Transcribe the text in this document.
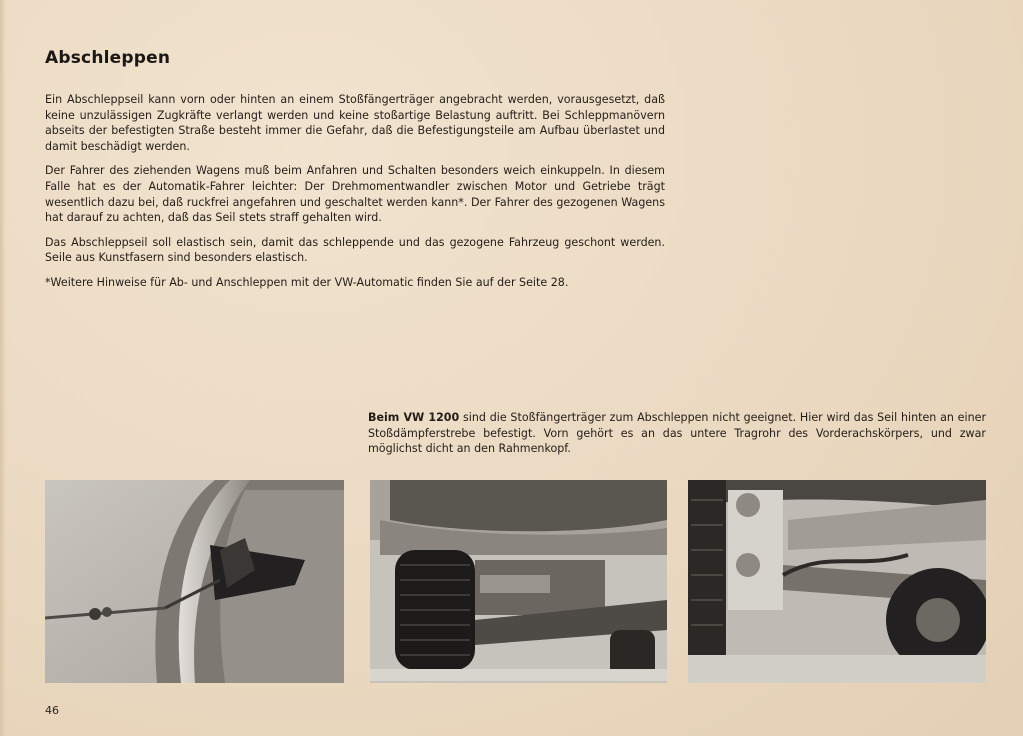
Abschleppen

Ein Abschleppseil kann vorn oder hinten an einem Stoßfängerträger angebracht werden, vorausgesetzt, daß keine unzulässigen Zugkräfte verlangt werden und keine stoßartige Belastung auftritt. Bei Schleppmanövern abseits der befestigten Straße besteht immer die Gefahr, daß die Befestigungsteile am Aufbau überlastet und damit beschädigt werden.

Der Fahrer des ziehenden Wagens muß beim Anfahren und Schalten besonders weich einkuppeln. In diesem Falle hat es der Automatik-Fahrer leichter: Der Drehmomentwandler zwischen Motor und Getriebe trägt wesentlich dazu bei, daß ruckfrei angefahren und geschaltet werden kann*. Der Fahrer des gezogenen Wagens hat darauf zu achten, daß das Seil stets straff gehalten wird.

Das Abschleppseil soll elastisch sein, damit das schleppende und das gezogene Fahrzeug geschont werden. Seile aus Kunstfasern sind besonders elastisch.

*Weitere Hinweise für Ab- und Anschleppen mit der VW-Automatic finden Sie auf der Seite 28.

Beim VW 1200 sind die Stoßfängerträger zum Abschleppen nicht geeignet. Hier wird das Seil hinten an einer Stoßdämpferstrebe befestigt. Vorn gehört es an das untere Tragrohr des Vorderachskörpers, und zwar möglichst dicht an den Rahmenkopf.
46
